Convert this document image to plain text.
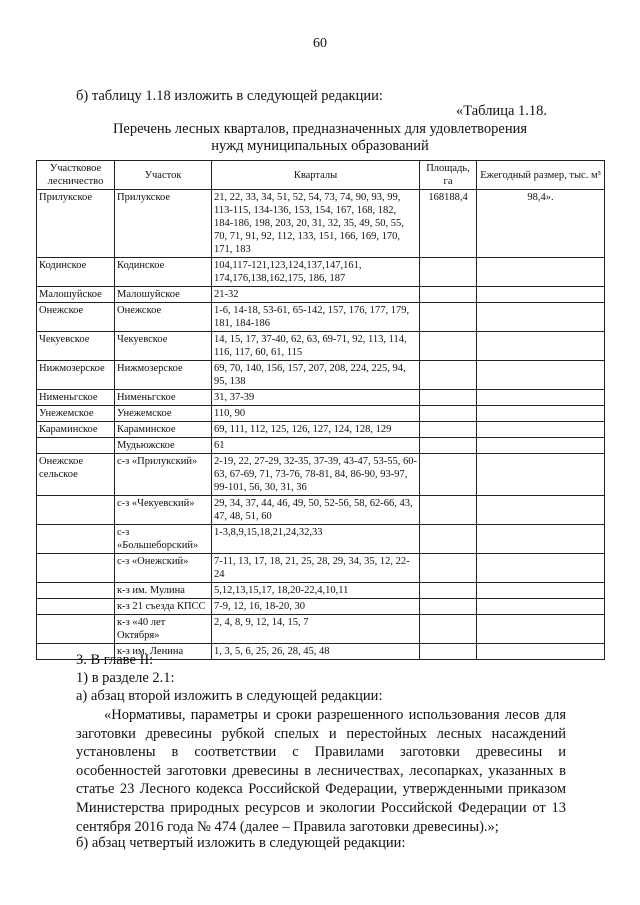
60
б) таблицу 1.18 изложить в следующей редакции:
«Таблица 1.18.
Перечень лесных кварталов, предназначенных для удовлетворения
нужд муниципальных образований
Участковое лесничество	Участок	Кварталы	Площадь, га	Ежегодный размер, тыс. м³
Прилукское	Прилукское	21, 22, 33, 34, 51, 52, 54, 73, 74, 90, 93, 99, 113-115, 134-136, 153, 154, 167, 168, 182, 184-186, 198, 203, 20, 31, 32, 35, 49, 50, 55, 70, 71, 91, 92, 112, 133, 151, 166, 169, 170, 171, 183	168188,4	98,4».
Кодинское	Кодинское	104,117-121,123,124,137,147,161, 174,176,138,162,175, 186, 187		
Малошуйское	Малошуйское	21-32		
Онежское	Онежское	1-6, 14-18, 53-61, 65-142, 157, 176, 177, 179, 181, 184-186		
Чекуевское	Чекуевское	14, 15, 17, 37-40, 62, 63, 69-71, 92, 113, 114, 116, 117, 60, 61, 115		
Нижмозерское	Нижмозерское	69, 70, 140, 156, 157, 207, 208, 224, 225, 94, 95, 138		
Нименьгское	Нименьгское	31, 37-39		
Унежемское	Унежемское	110, 90		
Караминское	Караминское	69, 111, 112, 125, 126, 127, 124, 128, 129		
	Мудьюжское	61		
Онежское сельское	с-з «Прилукский»	2-19, 22, 27-29, 32-35, 37-39, 43-47, 53-55, 60-63, 67-69, 71, 73-76, 78-81, 84, 86-90, 93-97, 99-101, 56, 30, 31, 36		
	с-з «Чекуевский»	29, 34, 37, 44, 46, 49, 50, 52-56, 58, 62-66, 43, 47, 48, 51, 60		
	с-з «Большеборский»	1-3,8,9,15,18,21,24,32,33		
	с-з «Онежский»	7-11, 13, 17, 18, 21, 25, 28, 29, 34, 35, 12, 22-24		
	к-з им. Мулина	5,12,13,15,17, 18,20-22,4,10,11		
	к-з 21 съезда КПСС	7-9, 12, 16, 18-20, 30		
	к-з «40 лет Октября»	2, 4, 8, 9, 12, 14, 15, 7		
	к-з им. Ленина	1, 3, 5, 6, 25, 26, 28, 45, 48		
3. В главе II:
1) в разделе 2.1:
а) абзац второй изложить в следующей редакции:
«Нормативы, параметры и сроки разрешенного использования лесов для заготовки древесины рубкой спелых и перестойных лесных насаждений установлены в соответствии с Правилами заготовки древесины и особенностей заготовки древесины в лесничествах, лесопарках, указанных в статье 23 Лесного кодекса Российской Федерации, утвержденными приказом Министерства природных ресурсов и экологии Российской Федерации от 13 сентября 2016 года № 474 (далее – Правила заготовки древесины).»;
б) абзац четвертый изложить в следующей редакции:
